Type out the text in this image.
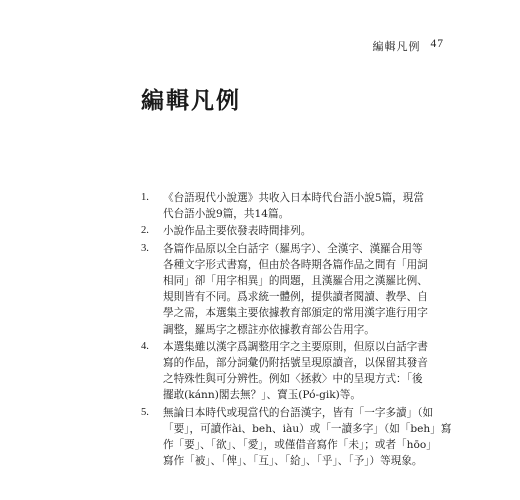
編輯凡例 47
編輯凡例
1.	《台語現代小說選》共收入日本時代台語小說5篇，現當
代台語小說9篇，共14篇。
2.	小說作品主要依發表時間排列。
3.	各篇作品原以全白話字（羅馬字）、全漢字、漢羅合用等
各種文字形式書寫，但由於各時期各篇作品之間有「用詞
相同」卻「用字相異」的問題，且漢羅合用之漢羅比例、
規則皆有不同。爲求統一體例，提供讀者閱讀、教學、自
學之需，本選集主要依據教育部頒定的常用漢字進行用字
調整，羅馬字之標註亦依據教育部公告用字。
4.	本選集雖以漢字爲調整用字之主要原則，但原以白話字書
寫的作品，部分詞彙仍附括號呈現原讀音，以保留其發音
之特殊性與可分辨性。例如〈拯救〉中的呈現方式：「後
擺敢(kánn)閣去無？」、寶玉(Pó-gik)等。
5.	無論日本時代或現當代的台語漢字，皆有「一字多讀」（如
「要」，可讀作ài、beh、iàu）或「一讀多字」（如「beh」寫
作「要」、「欲」、「愛」，或僅借音寫作「未」；或者「hōo」
寫作「被」、「俾」、「互」、「給」、「乎」、「予」）等現象。
